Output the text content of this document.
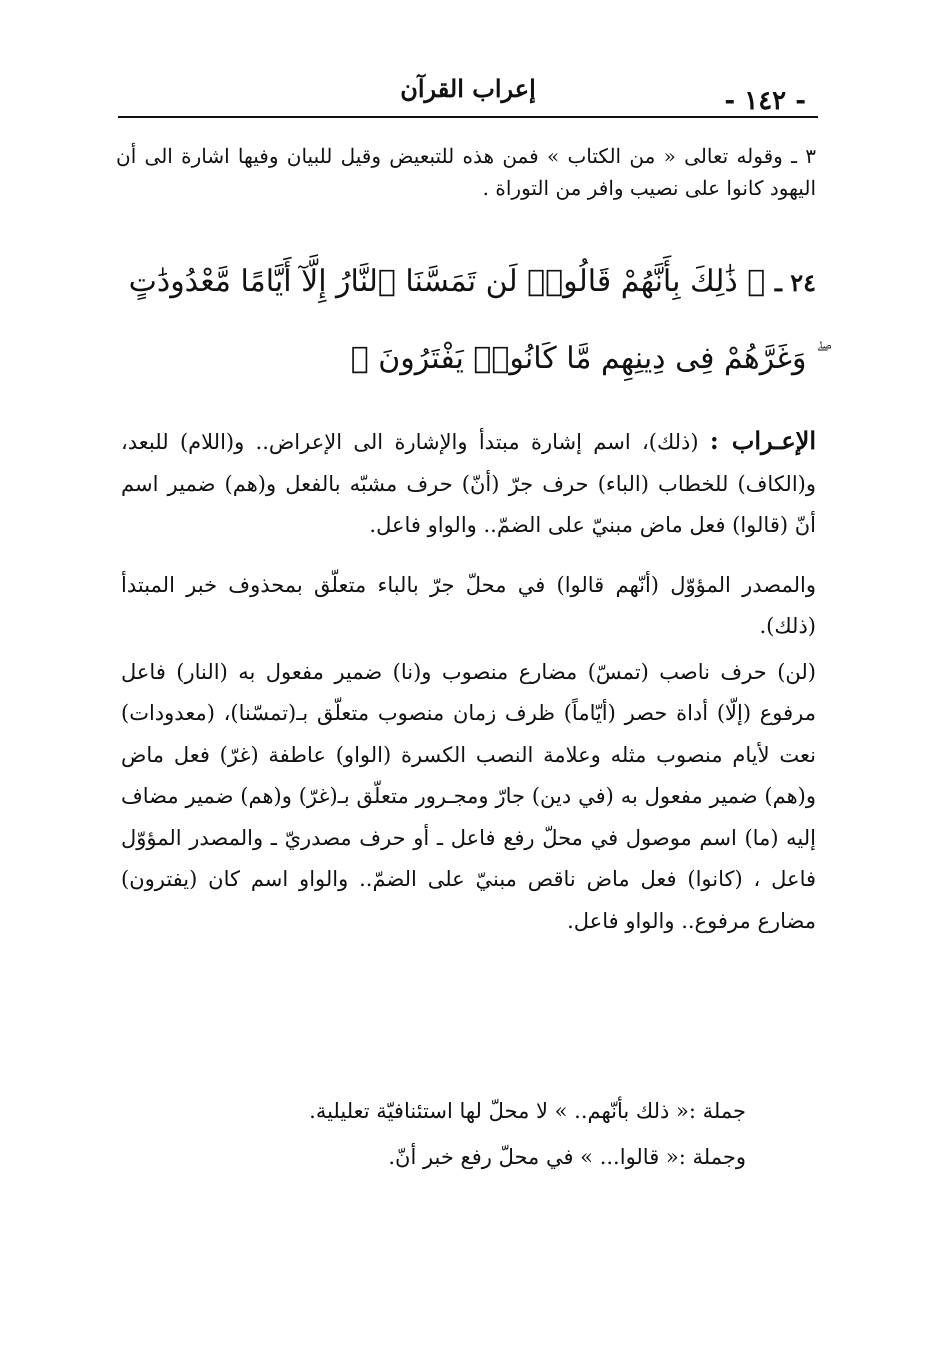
- ١٤٢ -
إعراب القرآن
٣ ـ وقوله تعالى « من الكتاب » فمن هذه للتبعيض وقيل للبيان وفيها اشارة الى أن اليهود كانوا على نصيب وافر من التوراة .
٢٤ ـ ﴿ ذَٰلِكَ بِأَنَّهُمْ قَالُوا۟ لَن تَمَسَّنَا ٱلنَّارُ إِلَّآ أَيَّامًا مَّعْدُودَٰتٍ ۖ وَغَرَّهُمْ فِى دِينِهِم مَّا كَانُوا۟ يَفْتَرُونَ ﴾

الإعـراب : (ذلك)، اسم إشارة مبتدأ والإشارة الى الإعراض.. و(اللام) للبعد، و(الكاف) للخطاب (الباء) حرف جرّ (أنّ) حرف مشبّه بالفعل و(هم) ضمير اسم أنّ (قالوا) فعل ماض مبنيّ على الضمّ.. والواو فاعل.

والمصدر المؤوّل (أنّهم قالوا) في محلّ جرّ بالباء متعلّق بمحذوف خبر المبتدأ (ذلك).

(لن) حرف ناصب (تمسّ) مضارع منصوب و(نا) ضمير مفعول به (النار) فاعل مرفوع (إلّا) أداة حصر (أيّاماً) ظرف زمان منصوب متعلّق بـ(تمسّنا)، (معدودات) نعت لأيام منصوب مثله وعلامة النصب الكسرة (الواو) عاطفة (غرّ) فعل ماض و(هم) ضمير مفعول به (في دين) جارّ ومجـرور متعلّق بـ(غرّ) و(هم) ضمير مضاف إليه (ما) اسم موصول في محلّ رفع فاعل ـ أو حرف مصدريّ ـ والمصدر المؤوّل فاعل ، (كانوا) فعل ماض ناقص مبنيّ على الضمّ.. والواو اسم كان (يفترون) مضارع مرفوع.. والواو فاعل.

جملة :« ذلك بأنّهم.. » لا محلّ لها استئنافيّة تعليلية.
وجملة :« قالوا... » في محلّ رفع خبر أنّ.
